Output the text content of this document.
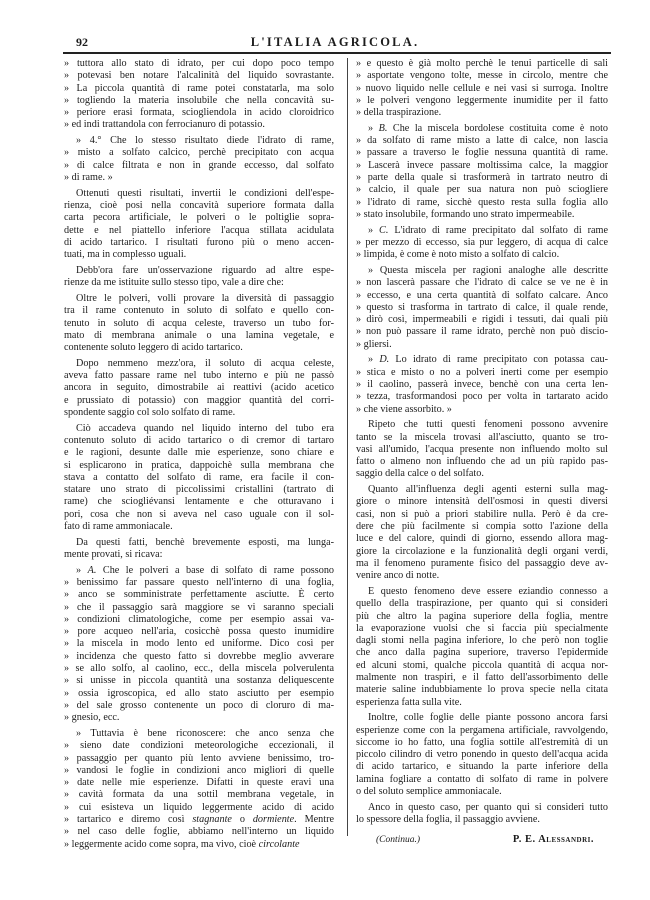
92	L'ITALIA AGRICOLA.
» tuttora allo stato di idrato, per cui dopo poco tempo
» potevasi ben notare l'alcalinità del liquido sovrastante.
» La piccola quantità di rame potei constatarla, ma solo
» togliendo la materia insolubile che nella concavità su-
» periore erasi formata, sciogliendola in acido cloroidrico
» ed indi trattandola con ferrocianuro di potassio.
» 4.° Che lo stesso risultato diede l'idrato di rame,
» misto a solfato calcico, perchè precipitato con acqua
» di calce filtrata e non in grande eccesso, dal solfato
» di rame. »
Ottenuti questi risultati, invertii le condizioni dell'espe-
rienza, cioè posi nella concavità superiore formata dalla
carta pecora artificiale, le polveri o le poltiglie sopra-
dette e nel piattello inferiore l'acqua stillata acidulata
di acido tartarico. I risultati furono più o meno accen-
tuati, ma in complesso uguali.
Debb'ora fare un'osservazione riguardo ad altre espe-
rienze da me istituite sullo stesso tipo, vale a dire che:
Oltre le polveri, volli provare la diversità di passaggio
tra il rame contenuto in soluto di solfato e quello con-
tenuto in soluto di acqua celeste, traverso un tubo for-
mato di membrana animale o una lamina vegetale, e
contenente soluto leggero di acido tartarico.
Dopo nemmeno mezz'ora, il soluto di acqua celeste,
aveva fatto passare rame nel tubo interno e più ne passò
ancora in seguito, dimostrabile ai reattivi (acido acetico
e prussiato di potassio) con maggior quantità del corri-
spondente saggio col solo solfato di rame.
Ciò accadeva quando nel liquido interno del tubo era
contenuto soluto di acido tartarico o di cremor di tartaro
e le ragioni, desunte dalle mie esperienze, sono chiare e
si esplicarono in pratica, dappoichè sulla membrana che
stava a contatto del solfato di rame, era facile il con-
statare uno strato di piccolissimi cristallini (tartrato di
rame) che sciogliévansi lentamente e che otturavano i
pori, cosa che non si aveva nel caso uguale con il sol-
fato di rame ammoniacale.
Da questi fatti, benchè brevemente esposti, ma lunga-
mente provati, si ricava:
» A. Che le polveri a base di solfato di rame possono
» benissimo far passare questo nell'interno di una foglia,
» anco se somministrate perfettamente asciutte. È certo
» che il passaggio sarà maggiore se vi saranno speciali
» condizioni climatologiche, come per esempio assai va-
» pore acqueo nell'aria, cosicchè possa questo inumidire
» la miscela in modo lento ed uniforme. Dico così per
» incidenza che questo fatto si dovrebbe meglio avverare
» se allo solfo, al caolino, ecc., della miscela polverulenta
» si unisse in piccola quantità una sostanza deliquescente
» ossia igroscopica, ed allo stato asciutto per esempio
» del sale grosso contenente un poco di cloruro di ma-
» gnesio, ecc.
» Tuttavia è bene riconoscere: che anco senza che
» sieno date condizioni meteorologiche eccezionali, il
» passaggio per quanto più lento avviene benissimo, tro-
» vandosi le foglie in condizioni anco migliori di quelle
» date nelle mie esperienze. Difatti in queste eravi una
» cavità formata da una sottil membrana vegetale, in
» cui esisteva un liquido leggermente acido di acido
» tartarico e diremo così stagnante o dormiente. Mentre
» nel caso delle foglie, abbiamo nell'interno un liquido
» leggermente acido come sopra, ma vivo, cioè circolante
» e questo è già molto perchè le tenui particelle di sali
» asportate vengono tolte, messe in circolo, mentre che
» nuovo liquido nelle cellule e nei vasi si surroga. Inoltre
» le polveri vengono leggermente inumidite per il fatto
» della traspirazione.
» B. Che la miscela bordolese costituita come è noto
» da solfato di rame misto a latte di calce, non lascia
» passare a traverso le foglie nessuna quantità di rame.
» Lascerà invece passare moltissima calce, la maggior
» parte della quale si trasformerà in tartrato neutro di
» calcio, il quale per sua natura non può sciogliere
» l'idrato di rame, sicchè questo resta sulla foglia allo
» stato insolubile, formando uno strato impermeabile.
» C. L'idrato di rame precipitato dal solfato di rame
» per mezzo di eccesso, sia pur leggero, di acqua di calce
» limpida, è come è noto misto a solfato di calcio.
» Questa miscela per ragioni analoghe alle descritte
» non lascerà passare che l'idrato di calce se ve ne è in
» eccesso, e una certa quantità di solfato calcare. Anco
» questo si trasforma in tartrato di calce, il quale rende,
» dirò così, impermeabili e rigidi i tessuti, dai quali più
» non può passare il rame idrato, perchè non può disciо-
» gliersi.
» D. Lo idrato di rame precipitato con potassa cau-
» stica e misto o no a polveri inerti come per esempio
» il caolino, passerà invece, benchè con una certa len-
» tezza, trasformandosi poco per volta in tartarato acido
» che viene assorbito. »
Ripeto che tutti questi fenomeni possono avvenire
tanto se la miscela trovasi all'asciutto, quanto se tro-
vasi all'umido, l'acqua presente non influendo molto sul
fatto o almeno non influendo che ad un più rapido pas-
saggio della calce o del solfato.
Quanto all'influenza degli agenti esterni sulla mag-
giore o minore intensità dell'osmosi in questi diversi
casi, non si può a priori stabilire nulla. Però è da cre-
dere che più facilmente si compia sotto l'azione della
luce e del calore, quindi di giorno, essendo allora mag-
giore la circolazione e la funzionalità degli organi verdi,
ma il fenomeno puramente fisico del passaggio deve av-
venire anco di notte.
E questo fenomeno deve essere eziandio connesso a
quello della traspirazione, per quanto qui si consideri
più che altro la pagina superiore della foglia, mentre
la evaporazione vuolsi che si faccia più specialmente
dagli stomi nella pagina inferiore, lo che però non toglie
che anco dalla pagina superiore, traverso l'epidermide
ed alcuni stomi, qualche piccola quantità di acqua nor-
malmente non traspiri, e il fatto dell'assorbimento delle
materie saline indubbiamente lo prova specie nella citata
esperienza fatta sulla vite.
Inoltre, colle foglie delle piante possono ancora farsi
esperienze come con la pergamena artificiale, ravvolgendo,
siccome io ho fatto, una foglia sottile all'estremità di un
piccolo cilindro di vetro ponendo in questo dell'acqua acida
di acido tartarico, e situando la parte inferiore della
lamina fogliare a contatto di solfato di rame in polvere
o del soluto semplice ammoniacale.
Anco in questo caso, per quanto qui si consideri tutto
lo spessore della foglia, il passaggio avviene.
(Continua.)	P. E. Alessandri.
